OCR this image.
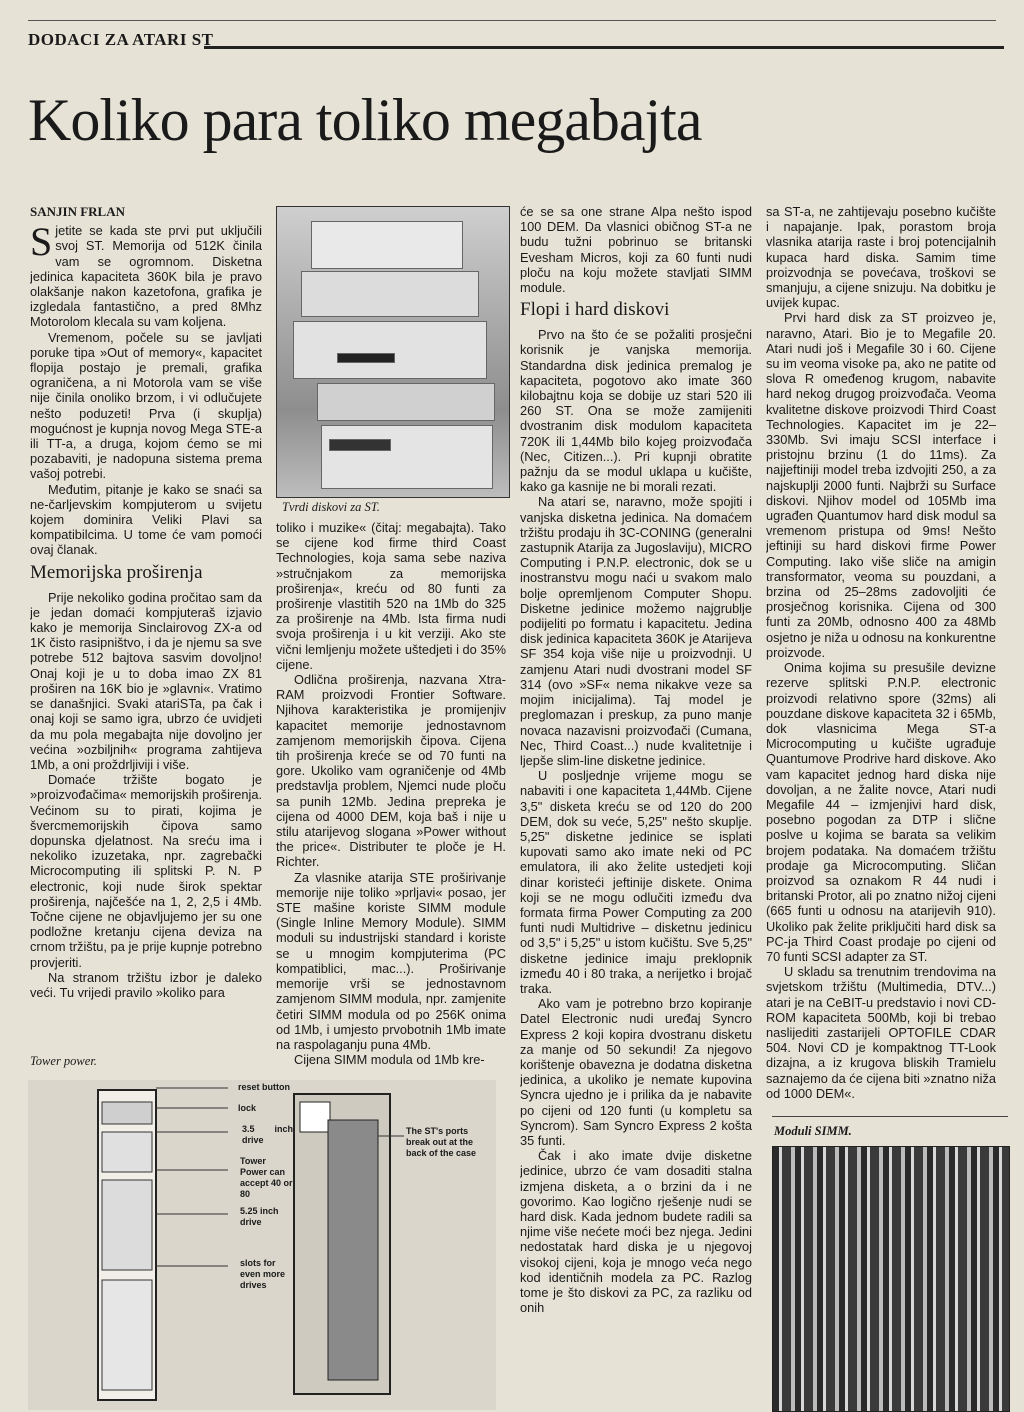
DODACI ZA ATARI ST
Koliko para toliko megabajta
SANJIN FRLAN

Sjetite se kada ste prvi put uključili svoj ST. Memorija od 512K činila vam se ogromnom. Disketna jedinica kapaciteta 360K bila je pravo olakšanje nakon kazetofona, grafika je izgledala fantastično, a pred 8Mhz Motorolom klecala su vam koljena.

Vremenom, počele su se javljati poruke tipa »Out of memory«, kapacitet flopija postajo je premali, grafika ograničena, a ni Motorola vam se više nije činila onoliko brzom, i vi odlučujete nešto poduzeti! Prva (i skuplja) mogućnost je kupnja novog Mega STE-a ili TT-a, a druga, kojom ćemo se mi pozabaviti, je nadopuna sistema prema vašoj potrebi.

Međutim, pitanje je kako se snaći sa ne-čarljevskim kompjuterom u svijetu kojem dominira Veliki Plavi sa kompatibilcima. U tome će vam pomoći ovaj članak.

Memorijska proširenja

Prije nekoliko godina pročitao sam da je jedan domaći kompjuteraš izjavio kako je memorija Sinclairovog ZX-a od 1K čisto rasipništvo, i da je njemu sa sve potrebe 512 bajtova sasvim dovoljno! Onaj koji je u to doba imao ZX 81 proširen na 16K bio je »glavni«. Vratimo se današnjici. Svaki atariSTa, pa čak i onaj koji se samo igra, ubrzo će uvidjeti da mu pola megabajta nije dovoljno jer većina »ozbiljnih« programa zahtijeva 1Mb, a oni proždrljiviji i više.

Domaće tržište bogato je »proizvođačima« memorijskih proširenja. Većinom su to pirati, kojima je švercmemorijskih čipova samo dopunska djelatnost. Na sreću ima i nekoliko izuzetaka, npr. zagrebački Microcomputing ili splitski P. N. P electronic, koji nude širok spektar proširenja, najčešće na 1, 2, 2,5 i 4Mb. Točne cijene ne objavljujemo jer su one podložne kretanju cijena deviza na crnom tržištu, pa je prije kupnje potrebno provjeriti.

Na stranom tržištu izbor je daleko veći. Tu vrijedi pravilo »koliko para

Tvrdi diskovi za ST.

toliko i muzike« (čitaj: megabajta). Tako se cijene kod firme third Coast Technologies, koja sama sebe naziva »stručnjakom za memorijska proširenja«, kreću od 80 funti za proširenje vlastitih 520 na 1Mb do 325 za proširenje na 4Mb. Ista firma nudi svoja proširenja i u kit verziji. Ako ste vični lemljenju možete uštedjeti i do 35% cijene.

Odlična proširenja, nazvana Xtra-RAM proizvodi Frontier Software. Njihova karakteristika je promijenjiv kapacitet memorije jednostavnom zamjenom memorijskih čipova. Cijena tih proširenja kreće se od 70 funti na gore. Ukoliko vam ograničenje od 4Mb predstavlja problem, Njemci nude ploču sa punih 12Mb. Jedina prepreka je cijena od 4000 DEM, koja baš i nije u stilu atarijevog slogana »Power without the price«. Distributer te ploče je H. Richter.

Za vlasnike atarija STE proširivanje memorije nije toliko »prljavi« posao, jer STE mašine koriste SIMM module (Single Inline Memory Module). SIMM moduli su industrijski standard i koriste se u mnogim kompjuterima (PC kompatiblici, mac...). Proširivanje memorije vrši se jednostavnom zamjenom SIMM modula, npr. zamjenite četiri SIMM modula od po 256K onima od 1Mb, i umjesto prvobotnih 1Mb imate na raspolaganju puna 4Mb.

Cijena SIMM modula od 1Mb kre-

će se sa one strane Alpa nešto ispod 100 DEM. Da vlasnici običnog ST-a ne budu tužni pobrinuo se britanski Evesham Micros, koji za 60 funti nudi ploču na koju možete stavljati SIMM module.

Flopi i hard diskovi

Prvo na što će se požaliti prosječni korisnik je vanjska memorija. Standardna disk jedinica premalog je kapaciteta, pogotovo ako imate 360 kilobajtnu koja se dobije uz stari 520 ili 260 ST. Ona se može zamijeniti dvostranim disk modulom kapaciteta 720K ili 1,44Mb bilo kojeg proizvođača (Nec, Citizen...). Pri kupnji obratite pažnju da se modul uklapa u kučište, kako ga kasnije ne bi morali rezati.

Na atari se, naravno, može spojiti i vanjska disketna jedinica. Na domaćem tržištu prodaju ih 3C-CONING (generalni zastupnik Atarija za Jugoslaviju), MICRO Computing i P.N.P. electronic, dok se u inostranstvu mogu naći u svakom malo bolje opremljenom Computer Shopu. Disketne jedinice možemo najgrublje podijeliti po formatu i kapacitetu. Jedina disk jedinica kapaciteta 360K je Atarijeva SF 354 koja više nije u proizvodnji. U zamjenu Atari nudi dvostrani model SF 314 (ovo »SF« nema nikakve veze sa mojim inicijalima). Taj model je preglomazan i preskup, za puno manje novaca nazavisni proizvođači (Cumana, Nec, Third Coast...) nude kvalitetnije i ljepše slim-line disketne jedinice.

U posljednje vrijeme mogu se nabaviti i one kapaciteta 1,44Mb. Cijene 3,5" disketa kreću se od 120 do 200 DEM, dok su veće, 5,25" nešto skuplje. 5,25" disketne jedinice se isplati kupovati samo ako imate neki od PC emulatora, ili ako želite ustedjeti koji dinar koristeći jeftinije diskete. Onima koji se ne mogu odlučiti između dva formata firma Power Computing za 200 funti nudi Multidrive – disketnu jedinicu od 3,5" i 5,25" u istom kučištu. Sve 5,25" disketne jedinice imaju preklopnik između 40 i 80 traka, a nerijetko i brojač traka.

Ako vam je potrebno brzo kopiranje Datel Electronic nudi uređaj Syncro Express 2 koji kopira dvostranu disketu za manje od 50 sekundi! Za njegovo korištenje obavezna je dodatna disketna jedinica, a ukoliko je nemate kupovina Syncra ujedno je i prilika da je nabavite po cijeni od 120 funti (u kompletu sa Syncrom). Sam Syncro Express 2 košta 35 funti.

Čak i ako imate dvije disketne jedinice, ubrzo će vam dosaditi stalna izmjena disketa, a o brzini da i ne govorimo. Kao logično rješenje nudi se hard disk. Kada jednom budete radili sa njime više nećete moći bez njega. Jedini nedostatak hard diska je u njegovoj visokoj cijeni, koja je mnogo veća nego kod identičnih modela za PC. Razlog tome je što diskovi za PC, za razliku od onih

sa ST-a, ne zahtijevaju posebno kučište i napajanje. Ipak, porastom broja vlasnika atarija raste i broj potencijalnih kupaca hard diska. Samim time proizvodnja se povećava, troškovi se smanjuju, a cijene snizuju. Na dobitku je uvijek kupac.

Prvi hard disk za ST proizveo je, naravno, Atari. Bio je to Megafile 20. Atari nudi još i Megafile 30 i 60. Cijene su im veoma visoke pa, ako ne patite od slova R omeđenog krugom, nabavite hard nekog drugog proizvođača. Veoma kvalitetne diskove proizvodi Third Coast Technologies. Kapacitet im je 22–330Mb. Svi imaju SCSI interface i pristojnu brzinu (1 do 11ms). Za najjeftiniji model treba izdvojiti 250, a za najskuplji 2000 funti. Najbrži su Surface diskovi. Njihov model od 105Mb ima ugrađen Quantumov hard disk modul sa vremenom pristupa od 9ms! Nešto jeftiniji su hard diskovi firme Power Computing. Iako više sliče na amigin transformator, veoma su pouzdani, a brzina od 25–28ms zadovoljiti će prosječnog korisnika. Cijena od 300 funti za 20Mb, odnosno 400 za 48Mb osjetno je niža u odnosu na konkurentne proizvode.

Onima kojima su presušile devizne rezerve splitski P.N.P. electronic proizvodi relativno spore (32ms) ali pouzdane diskove kapaciteta 32 i 65Mb, dok vlasnicima Mega ST-a Microcomputing u kučište ugrađuje Quantumove Prodrive hard diskove. Ako vam kapacitet jednog hard diska nije dovoljan, a ne žalite novce, Atari nudi Megafile 44 – izmjenjivi hard disk, posebno pogodan za DTP i slične poslve u kojima se barata sa velikim brojem podataka. Na domaćem tržištu prodaje ga Microcomputing. Sličan proizvod sa oznakom R 44 nudi i britanski Protor, ali po znatno nižoj cijeni (665 funti u odnosu na atarijevih 910). Ukoliko pak želite priključiti hard disk sa PC-ja Third Coast prodaje po cijeni od 70 funti SCSI adapter za ST.

U skladu sa trenutnim trendovima na svjetskom tržištu (Multimedia, DTV...) atari je na CeBIT-u predstavio i novi CD-ROM kapaciteta 500Mb, koji bi trebao naslijediti zastarijeli OPTOFILE CDAR 504. Novi CD je kompaktnog TT-Look dizajna, a iz krugova bliskih Tramielu saznajemo da će cijena biti »znatno niža od 1000 DEM«.

Tower power.
reset button
lock
3.5 inch
drive
Tower
Power can
accept 40 or
80
5.25 inch
drive
slots for
even more
drives
The ST's ports
break out at the
back of the case
Moduli SIMM.
